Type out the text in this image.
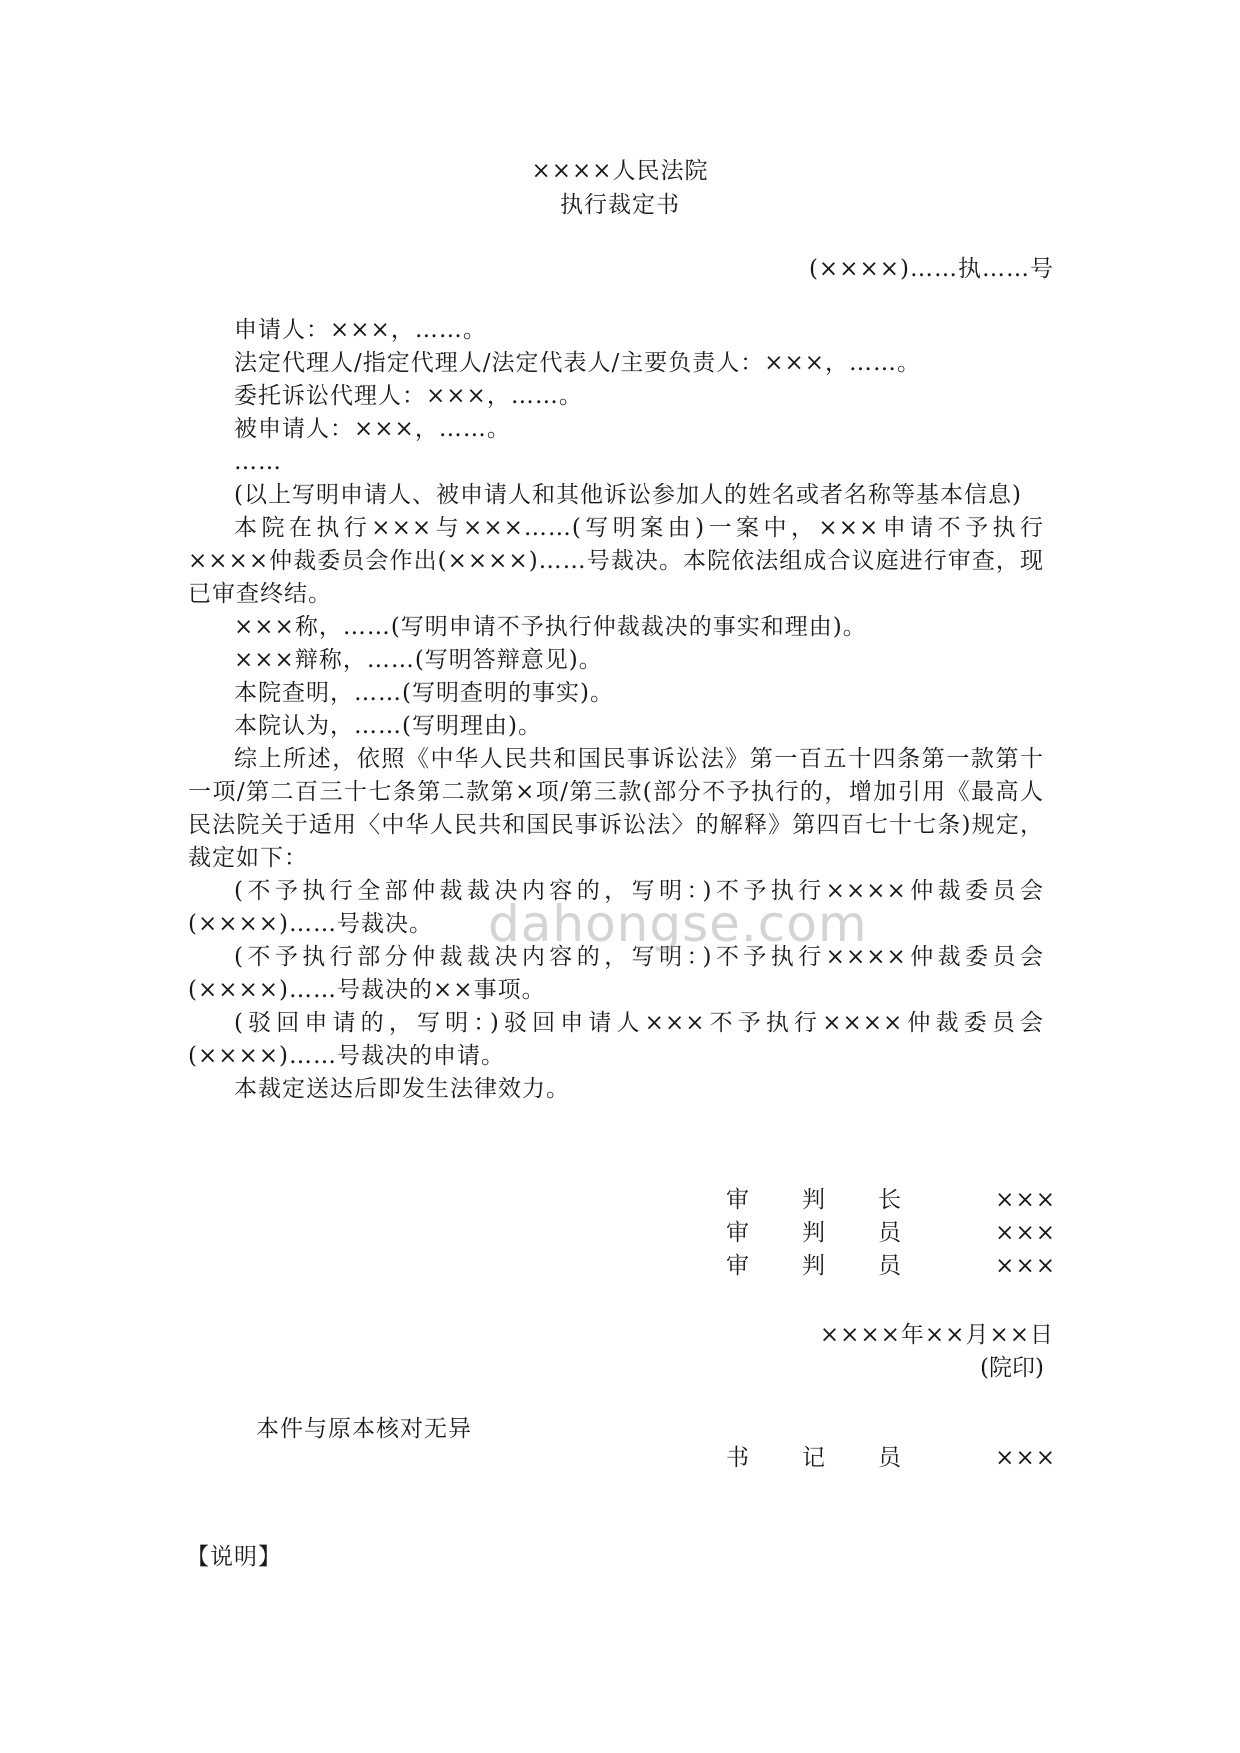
××××人民法院
执行裁定书
(××××)……执……号

申请人：×××，……。

法定代理人/指定代理人/法定代表人/主要负责人：×××，……。

委托诉讼代理人：×××，……。

被申请人：×××，……。

……

(以上写明申请人、被申请人和其他诉讼参加人的姓名或者名称等基本信息)

本院在执行×××与×××……(写明案由)一案中，×××申请不予执行××××仲裁委员会作出(××××)……号裁决。本院依法组成合议庭进行审查，现已审查终结。

×××称，……(写明申请不予执行仲裁裁决的事实和理由)。

×××辩称，……(写明答辩意见)。

本院查明，……(写明查明的事实)。

本院认为，……(写明理由)。

综上所述，依照《中华人民共和国民事诉讼法》第一百五十四条第一款第十一项/第二百三十七条第二款第×项/第三款(部分不予执行的，增加引用《最高人民法院关于适用〈中华人民共和国民事诉讼法〉的解释》第四百七十七条)规定，裁定如下：

(不予执行全部仲裁裁决内容的，写明：)不予执行××××仲裁委员会(××××)……号裁决。

(不予执行部分仲裁裁决内容的，写明：)不予执行××××仲裁委员会(××××)……号裁决的××事项。

(驳回申请的，写明：)驳回申请人×××不予执行××××仲裁委员会(××××)……号裁决的申请。

本裁定送达后即发生法律效力。

审 判 长	×××
审 判 员	×××
审 判 员	×××
××××年××月××日
(院印)
本件与原本核对无异
书 记 员	×××
【说明】
dahongse.com
